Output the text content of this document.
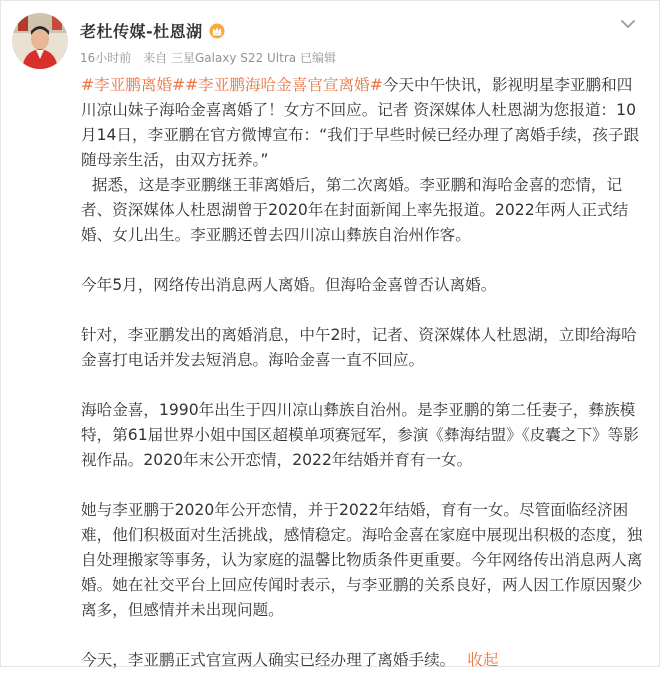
老杜传媒-杜恩湖
16小时前 来自 三星Galaxy S22 Ultra 已编辑

#李亚鹏离婚##李亚鹏海哈金喜官宣离婚#今天中午快讯，影视明星李亚鹏和四川凉山妹子海哈金喜离婚了！女方不回应。记者 资深媒体人杜恩湖为您报道：10月14日，李亚鹏在官方微博宣布：“我们于早些时候已经办理了离婚手续，孩子跟随母亲生活，由双方抚养。”

据悉，这是李亚鹏继王菲离婚后，第二次离婚。李亚鹏和海哈金喜的恋情，记者、资深媒体人杜恩湖曾于2020年在封面新闻上率先报道。2022年两人正式结婚、女儿出生。李亚鹏还曾去四川凉山彝族自治州作客。

今年5月，网络传出消息两人离婚。但海哈金喜曾否认离婚。

针对，李亚鹏发出的离婚消息，中午2时，记者、资深媒体人杜恩湖，立即给海哈金喜打电话并发去短消息。海哈金喜一直不回应。

海哈金喜，1990年出生于四川凉山彝族自治州。是李亚鹏的第二任妻子，彝族模特，第61届世界小姐中国区超模单项赛冠军，参演《彝海结盟》《皮囊之下》等影视作品。2020年末公开恋情，2022年结婚并育有一女。

她与李亚鹏于2020年公开恋情，并于2022年结婚，育有一女。尽管面临经济困难，他们积极面对生活挑战，感情稳定。海哈金喜在家庭中展现出积极的态度，独自处理搬家等事务，认为家庭的温馨比物质条件更重要。今年网络传出消息两人离婚。她在社交平台上回应传闻时表示，与李亚鹏的关系良好，两人因工作原因聚少离多，但感情并未出现问题。

今天，李亚鹏正式官宣两人确实已经办理了离婚手续。 收起
